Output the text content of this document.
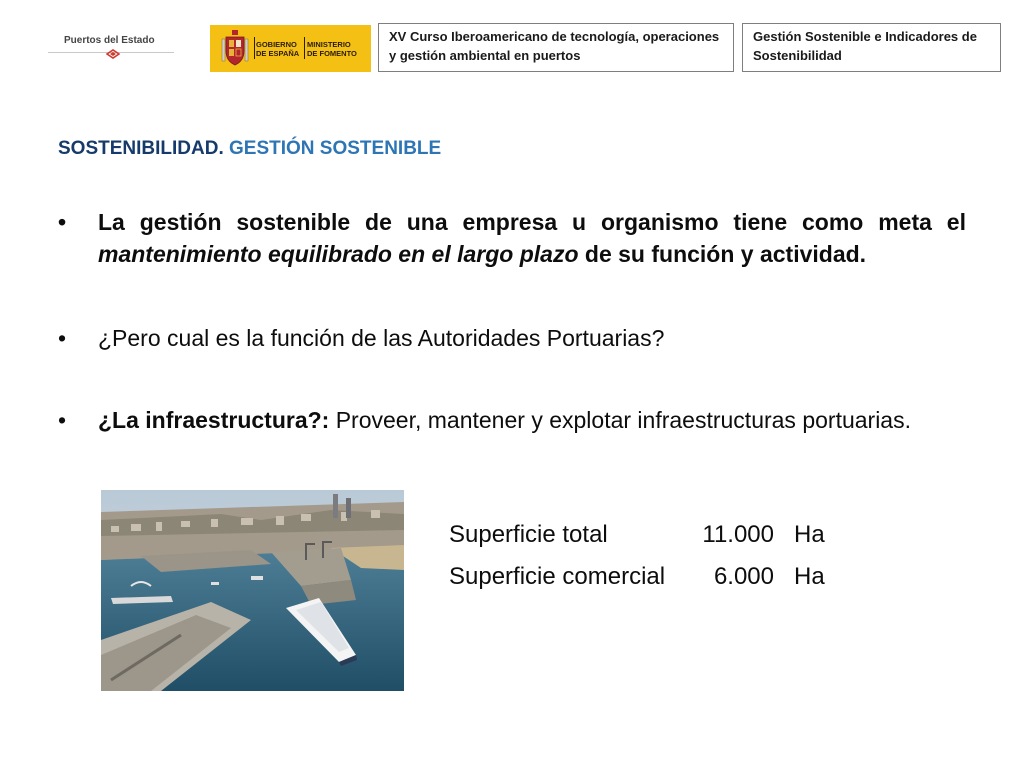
Puertos del Estado	GOBIERNO
DE ESPAÑA
MINISTERIO
DE FOMENTO
XV Curso Iberoamericano de tecnología, operaciones y gestión ambiental en puertos
Gestión Sostenible e Indicadores de Sostenibilidad
SOSTENIBILIDAD. GESTIÓN SOSTENIBLE
•	La gestión sostenible de una empresa u organismo tiene como meta el mantenimiento equilibrado en el largo plazo de su función y actividad.
•	¿Pero cual es la función de las Autoridades Portuarias?
•	¿La infraestructura?: Proveer, mantener y explotar infraestructuras portuarias.
Superficie total	11.000 Ha
Superficie comercial 6.000 Ha
